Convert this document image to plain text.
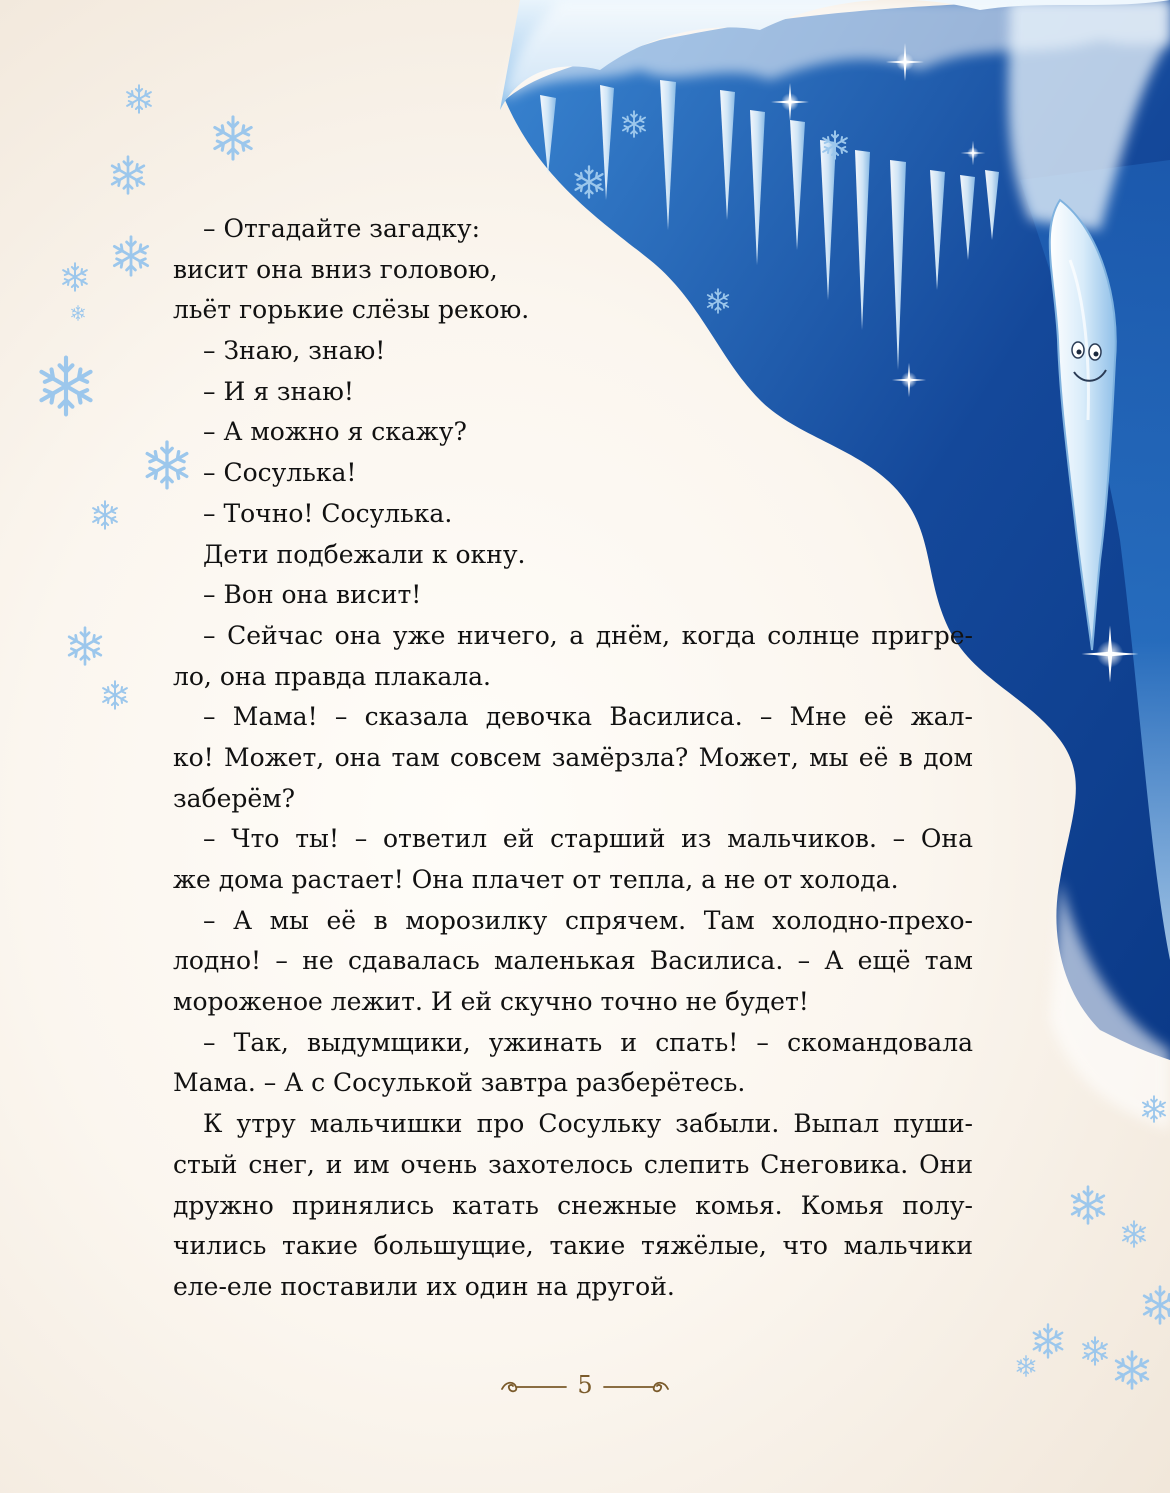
– Отгадайте загадку:
висит она вниз головою,
льёт горькие слёзы рекою.
– Знаю, знаю!
– И я знаю!
– А можно я скажу?
– Сосулька!
– Точно! Сосулька.
Дети подбежали к окну.
– Вон она висит!
– Сейчас она уже ничего, а днём, когда солнце пригре-
ло, она правда плакала.
– Мама! – сказала девочка Василиса. – Мне её жал-
ко! Может, она там совсем замёрзла? Может, мы её в дом
заберём?
– Что ты! – ответил ей старший из мальчиков. – Она
же дома растает! Она плачет от тепла, а не от холода.
– А мы её в морозилку спрячем. Там холодно-прехо-
лодно! – не сдавалась маленькая Василиса. – А ещё там
мороженое лежит. И ей скучно точно не будет!
– Так, выдумщики, ужинать и спать! – скомандовала
Мама. – А с Сосулькой завтра разберётесь.
К утру мальчишки про Сосульку забыли. Выпал пуши-
стый снег, и им очень захотелось слепить Снеговика. Они
дружно принялись катать снежные комья. Комья полу-
чились такие большущие, такие тяжёлые, что мальчики
еле-еле поставили их один на другой.
5
